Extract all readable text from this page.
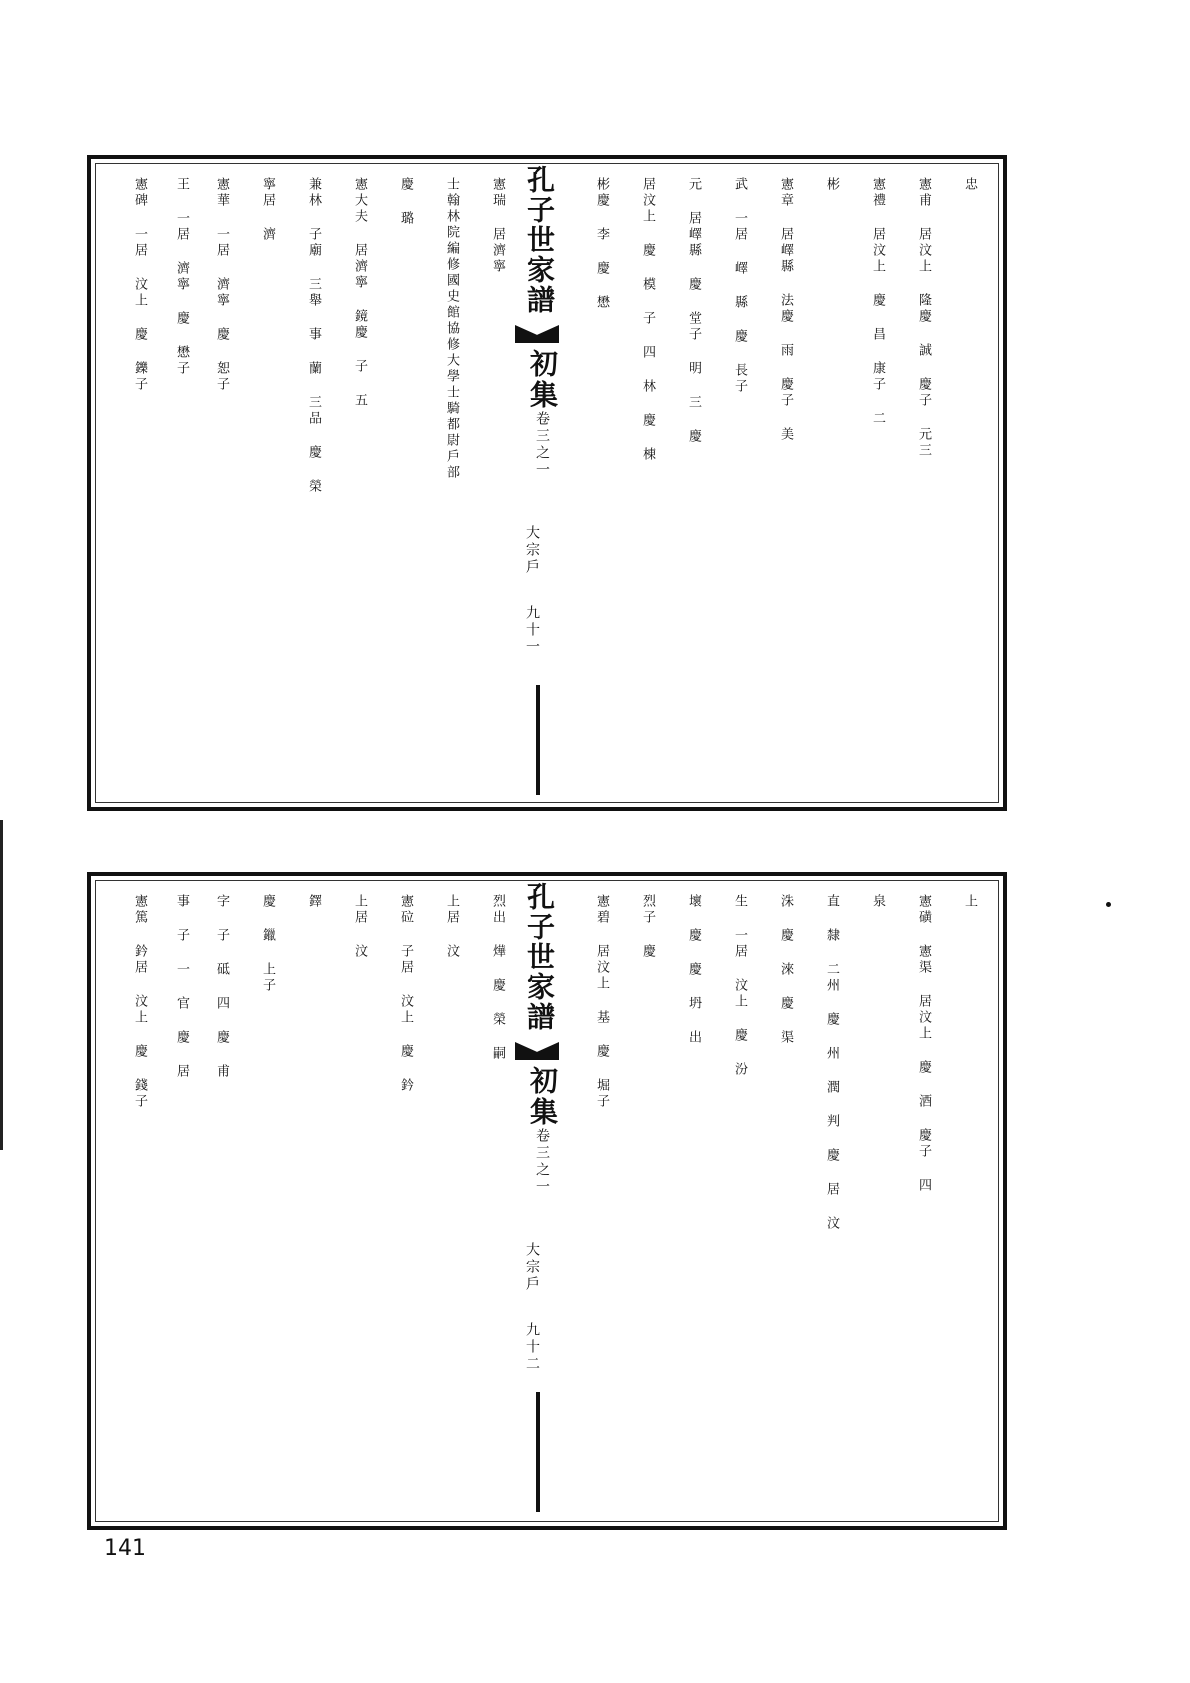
忠
憲甫 居汶上 隆慶 誠 慶子 元三
憲禮 居汶上 慶 昌 康子 二
彬
憲章 居嶧縣 法慶 雨 慶子 美
武 一居 嶧 縣 慶 長子
元 居嶧縣 慶 堂子 明 三 慶
居汶上 慶 模 子 四 林 慶 棟
彬慶 李 慶 懋
孔子世家譜
初集卷三之一
大宗戶
九十一
憲瑞 居濟寧
士翰林院編修國史館協修大學士騎都尉戶部
慶 璐
憲大夫 居濟寧 鏡慶 子 五
兼林 子廟 三舉 事 蘭 三品 慶 榮
寧居 濟
憲華 一居 濟寧 慶 恕子
王 一居 濟寧 慶 懋子
憲碑 一居 汶上 慶 鑠子
上
憲磺 憲渠 居汶上 慶 酒 慶子 四
泉
直 隸 二州 慶 州 潤 判 慶 居 汶
洙 慶 淶 慶 渠
生 一居 汶上 慶 汾
壞 慶 慶 坍 出
烈子 慶
憲碧 居汶上 基 慶 堀子
孔子世家譜
初集卷三之一
大宗戶
九十二
烈出 燁 慶 榮 嗣
上居 汶
憲砬 子居 汶上 慶 鈐
上居 汶
鐸
慶 鑞 上子
字 子 砥 四 慶 甫
事 子 一 官 慶 居
憲篤 鈐居 汶上 慶 錢子
141
